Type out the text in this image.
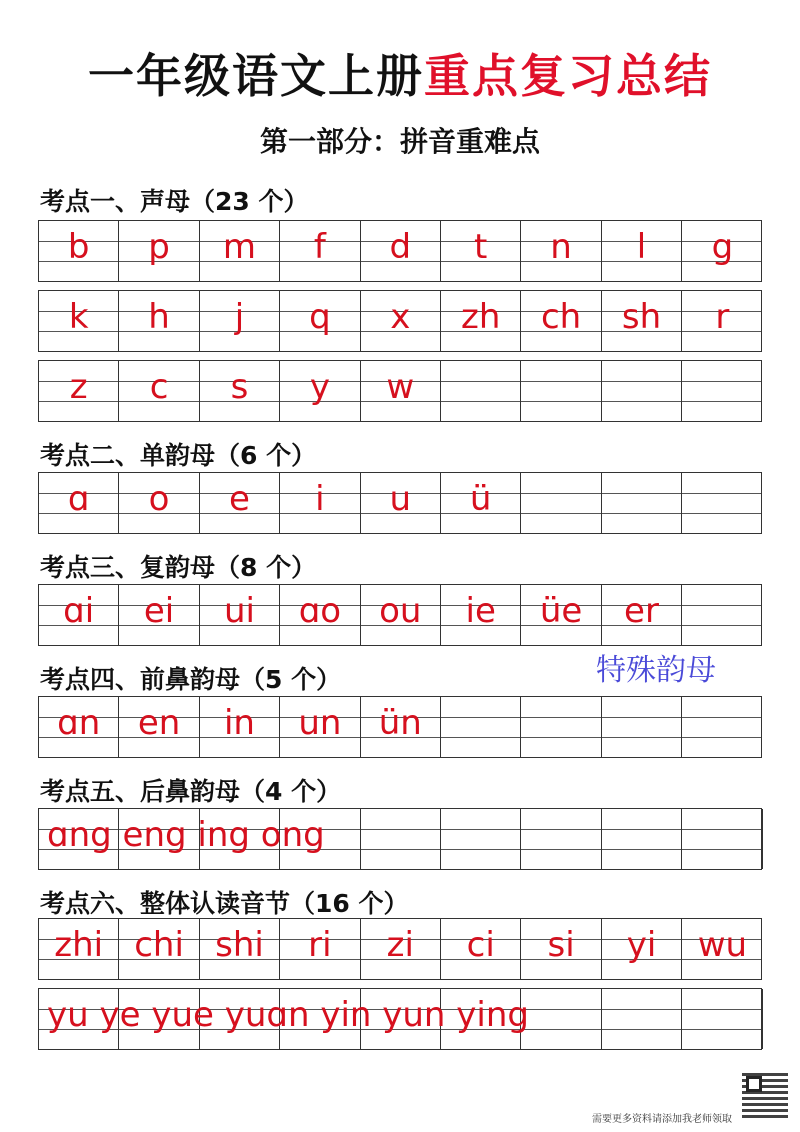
一年级语文上册重点复习总结
第一部分：拼音重难点
考点一、声母（23 个）
b	p	m	f	d	t	n	l	g
k	h	j	q	x	zh	ch	sh	r
z	c	s	y	w
考点二、单韵母（6 个）
ɑ	o	e	i	u	ü
考点三、复韵母（8 个）
ɑi	ei	ui	ɑo	ou	ie	üe	er
特殊韵母
考点四、前鼻韵母（5 个）
ɑn	en	in	un	ün
考点五、后鼻韵母（4 个）
ɑng eng ing ong
考点六、整体认读音节（16 个）
zhi chi shi	ri	zi	ci	si	yi	wu
yu ye yue yuɑn yin yun ying
需要更多资料请添加我老师领取
